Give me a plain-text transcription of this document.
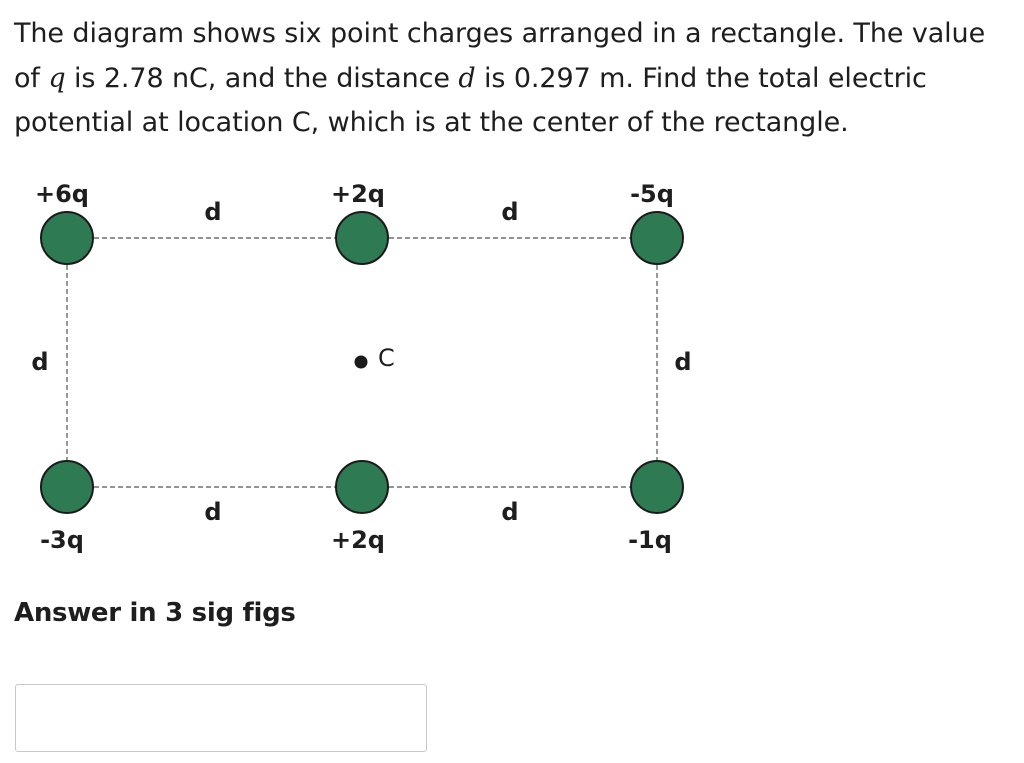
The diagram shows six point charges arranged in a rectangle. The value of q is 2.78 nC, and the distance d is 0.297 m. Find the total electric potential at location C, which is at the center of the rectangle.

C
+6q	+2q	-5q
-3q	+2q	-1q
d	d
d	d
d	d
Answer in 3 sig figs
